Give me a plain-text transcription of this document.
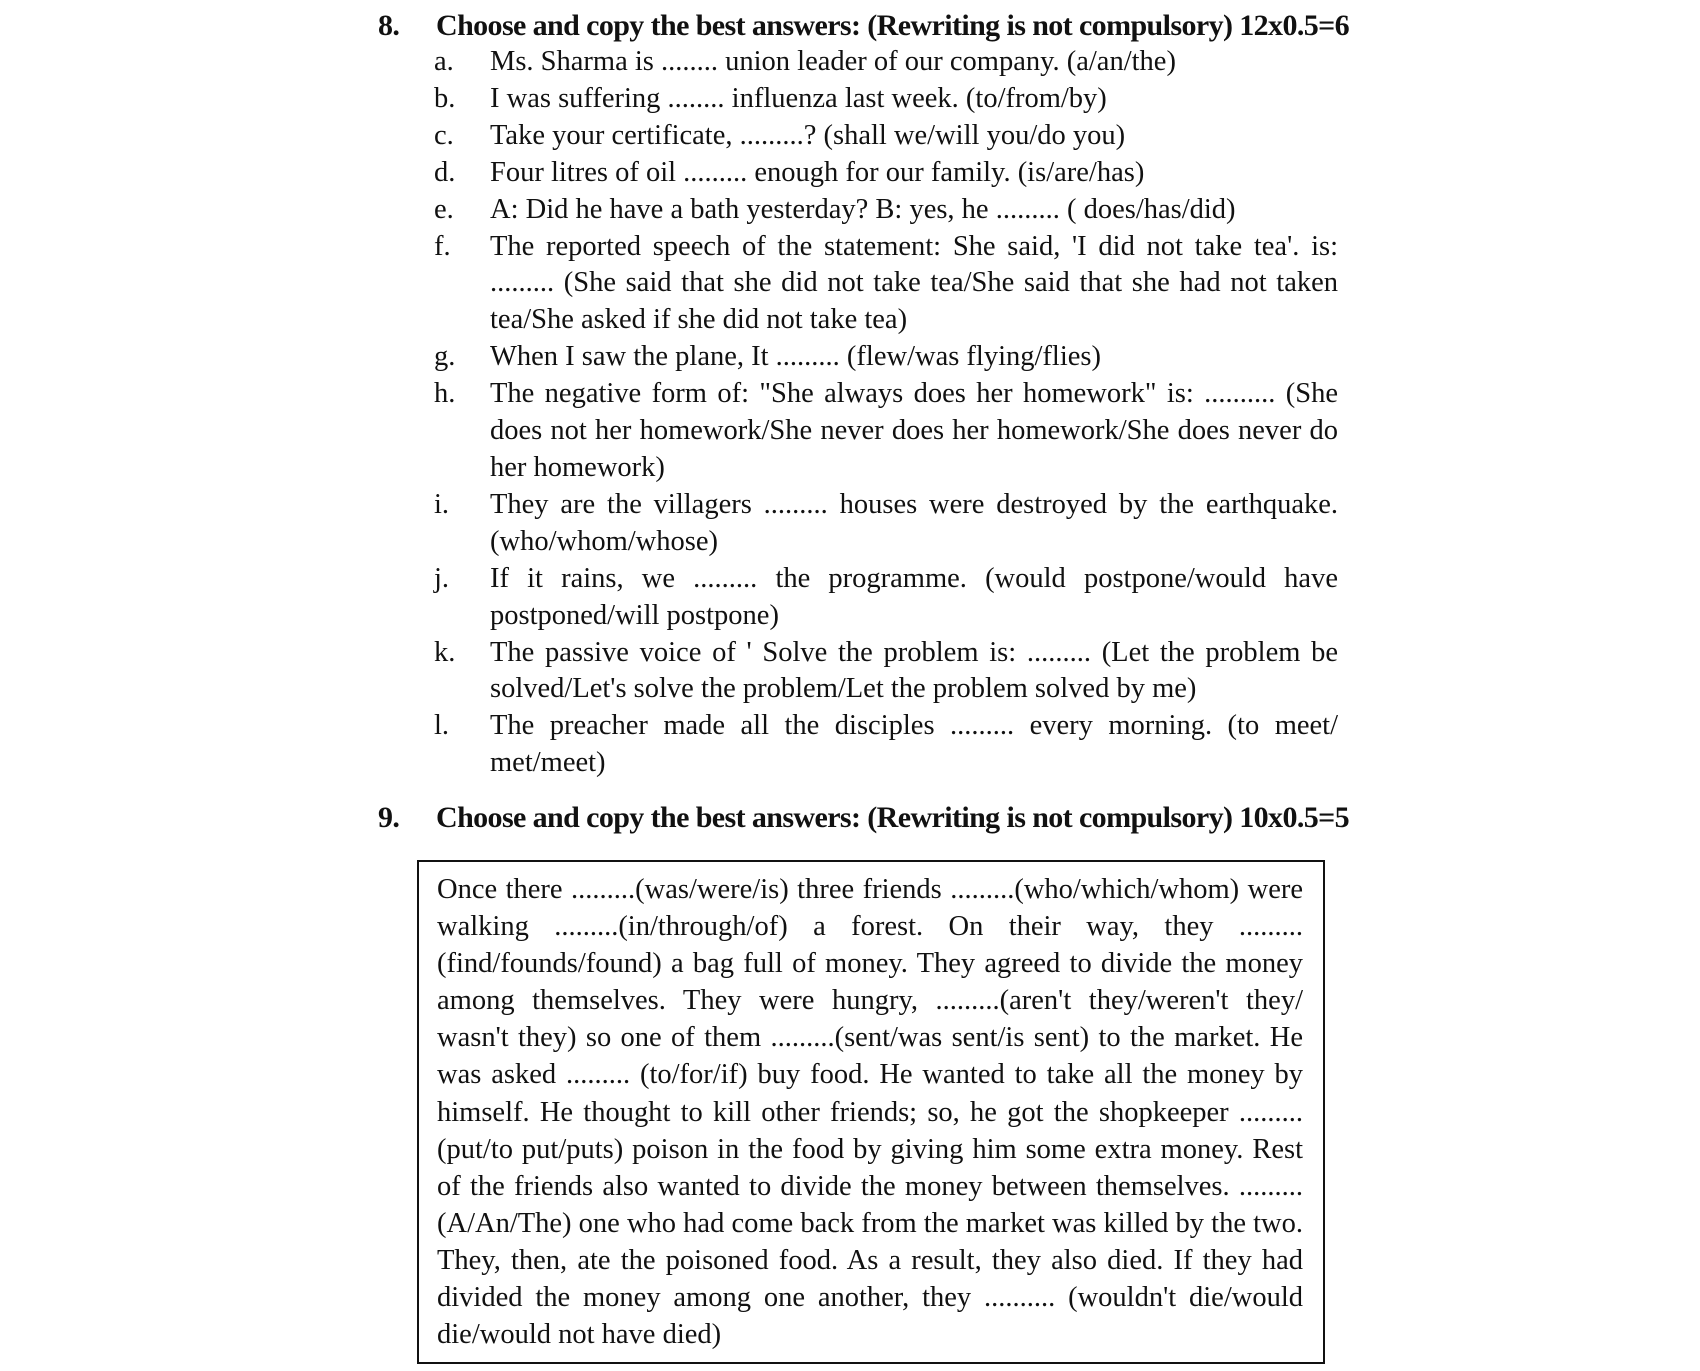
8.	Choose and copy the best answers: (Rewriting is not compulsory) 12x0.5=6
a.	Ms. Sharma is ........ union leader of our company. (a/an/the)
b.	I was suffering ........ influenza last week. (to/from/by)
c.	Take your certificate, .........? (shall we/will you/do you)
d.	Four litres of oil ......... enough for our family. (is/are/has)
e.	A: Did he have a bath yesterday? B: yes, he ......... ( does/has/did)
f.	The reported speech of the statement: She said, 'I did not take tea'. is: ......... (She said that she did not take tea/She said that she had not taken tea/She asked if she did not take tea)
g.	When I saw the plane, It ......... (flew/was flying/flies)
h.	The negative form of: "She always does her homework" is: .......... (She does not her homework/She never does her homework/She does never do her homework)
i.	They are the villagers ......... houses were destroyed by the earthquake. (who/whom/whose)
j.	If it rains, we ......... the programme. (would postpone/would have postponed/will postpone)
k.	The passive voice of ' Solve the problem is: ......... (Let the problem be solved/Let's solve the problem/Let the problem solved by me)
l.	The preacher made all the disciples ......... every morning. (to meet/ met/meet)
9.	Choose and copy the best answers: (Rewriting is not compulsory) 10x0.5=5

Once there .........(was/were/is) three friends .........(who/which/whom) were walking .........(in/through/of) a forest. On their way, they ......... (find/founds/found) a bag full of money. They agreed to divide the money among themselves. They were hungry, .........(aren't they/weren't they/ wasn't they) so one of them .........(sent/was sent/is sent) to the market. He was asked ......... (to/for/if) buy food. He wanted to take all the money by himself. He thought to kill other friends; so, he got the shopkeeper .........(put/to put/puts) poison in the food by giving him some extra money. Rest of the friends also wanted to divide the money between themselves. ......... (A/An/The) one who had come back from the market was killed by the two. They, then, ate the poisoned food. As a result, they also died. If they had divided the money among one another, they .......... (wouldn't die/would die/would not have died)
